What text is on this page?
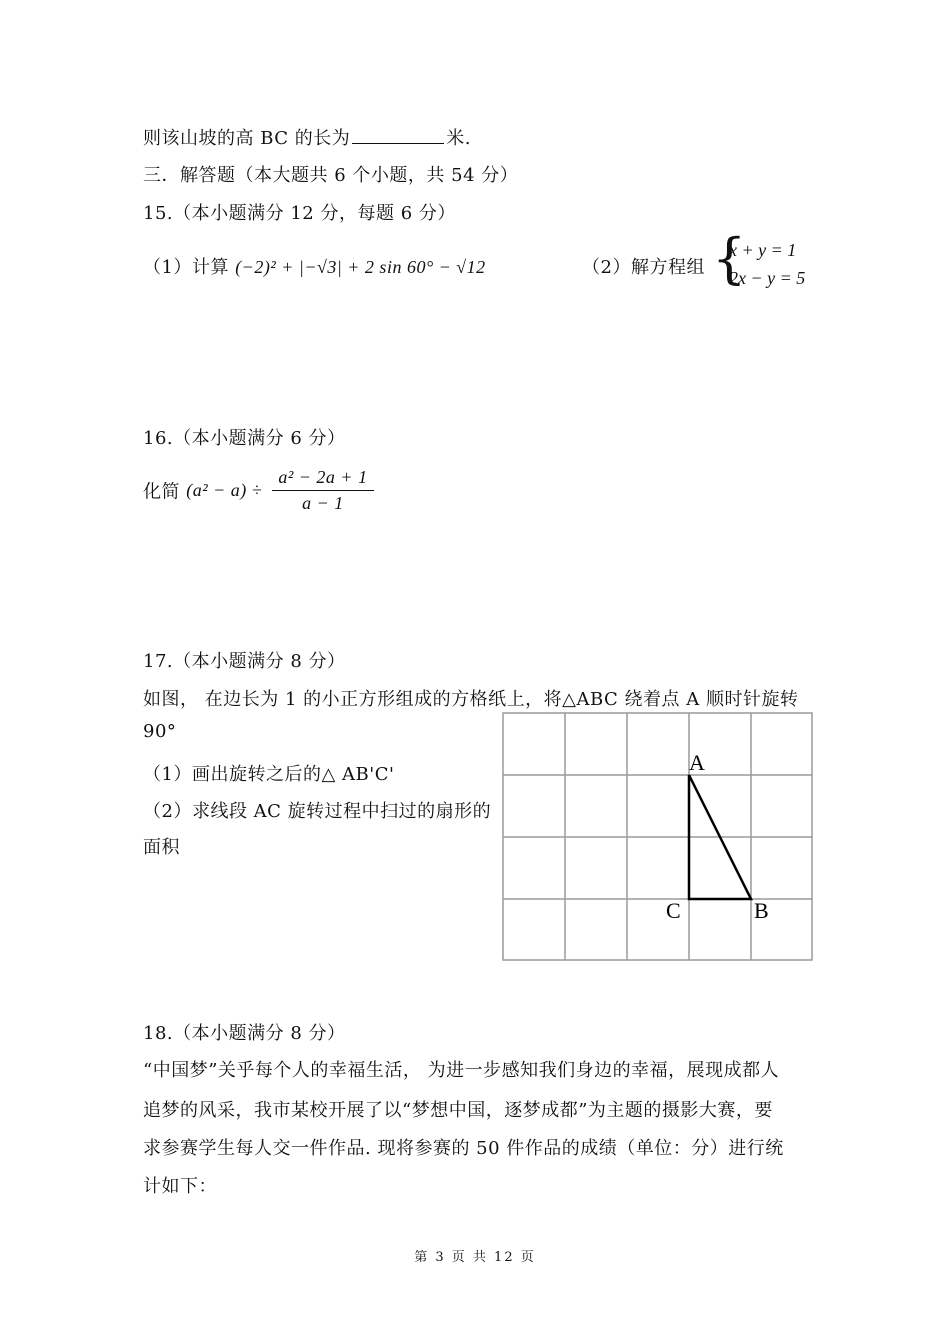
则该山坡的高 BC 的长为	米.
三．解答题（本大题共 6 个小题，共 54 分）
15.（本小题满分 12 分，每题 6 分）
（1）计算 (−2)² + |−√3| + 2 sin 60° − √12	（2）解方程组 {
x + y = 1
2x − y = 5
16.（本小题满分 6 分）
化简 $(a^2 - a) \div \frac{\text{a² − 2a + 1}}{a - 1}$
17.（本小题满分 8 分）
如图， 在边长为 1 的小正方形组成的方格纸上，将△ABC 绕着点 A 顺时针旋转
90°
（1）画出旋转之后的△ AB'C'
（2）求线段 AC 旋转过程中扫过的扇形的
面积
A
C	B
18.（本小题满分 8 分）
“中国梦”关乎每个人的幸福生活， 为进一步感知我们身边的幸福，展现成都人
追梦的风采，我市某校开展了以“梦想中国，逐梦成都”为主题的摄影大赛，要
求参赛学生每人交一件作品. 现将参赛的 50 件作品的成绩（单位：分）进行统
计如下：
第 3 页 共 12 页
